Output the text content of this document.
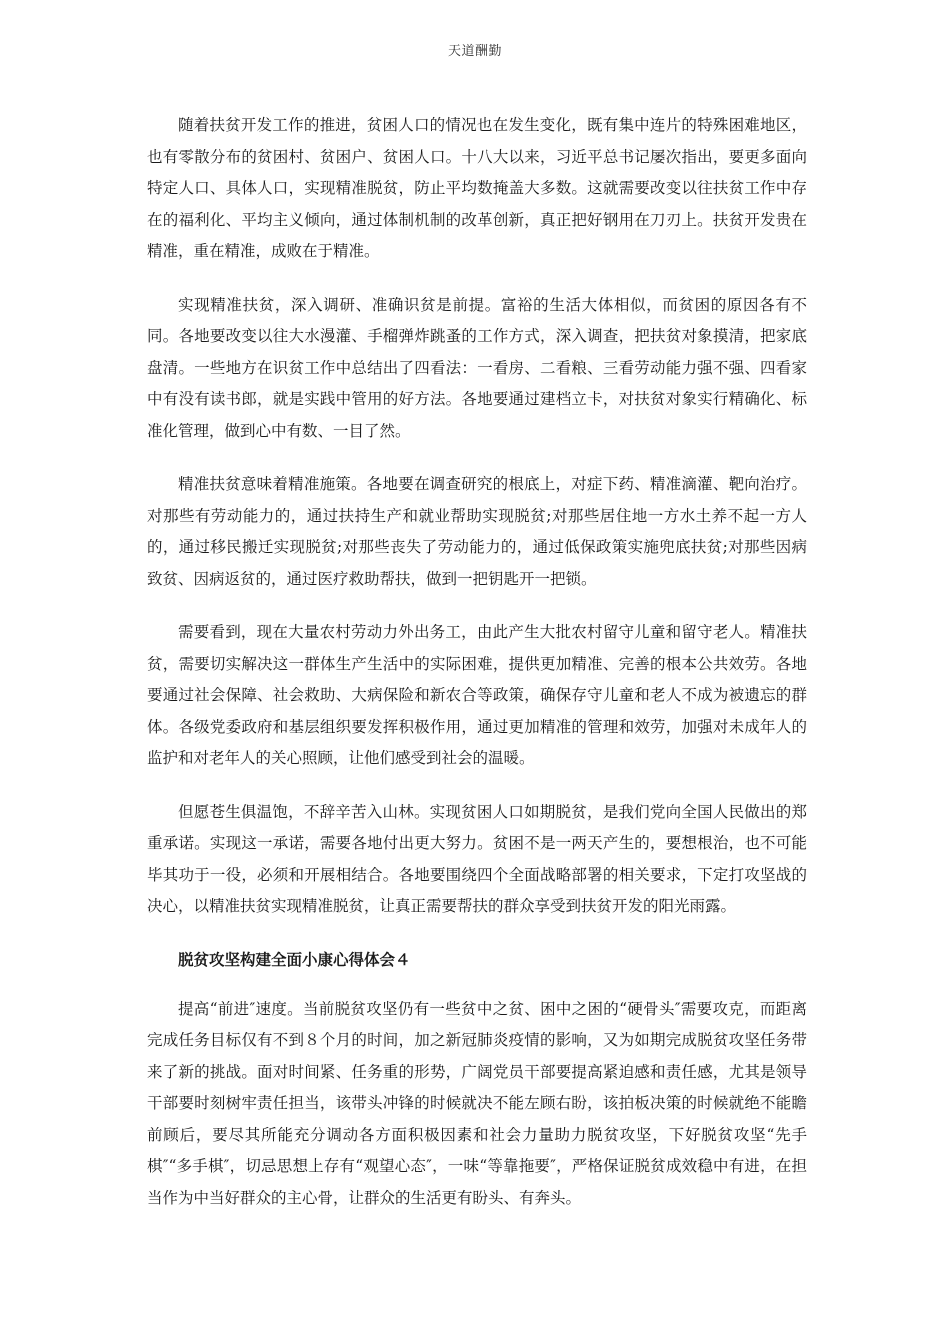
天道酬勤

随着扶贫开发工作的推进，贫困人口的情况也在发生变化，既有集中连片的特殊困难地区，也有零散分布的贫困村、贫困户、贫困人口。十八大以来，习近平总书记屡次指出，要更多面向特定人口、具体人口，实现精准脱贫，防止平均数掩盖大多数。这就需要改变以往扶贫工作中存在的福利化、平均主义倾向，通过体制机制的改革创新，真正把好钢用在刀刃上。扶贫开发贵在精准，重在精准，成败在于精准。

实现精准扶贫，深入调研、准确识贫是前提。富裕的生活大体相似，而贫困的原因各有不同。各地要改变以往大水漫灌、手榴弹炸跳蚤的工作方式，深入调查，把扶贫对象摸清，把家底盘清。一些地方在识贫工作中总结出了四看法：一看房、二看粮、三看劳动能力强不强、四看家中有没有读书郎，就是实践中管用的好方法。各地要通过建档立卡，对扶贫对象实行精确化、标准化管理，做到心中有数、一目了然。

精准扶贫意味着精准施策。各地要在调查研究的根底上，对症下药、精准滴灌、靶向治疗。对那些有劳动能力的，通过扶持生产和就业帮助实现脱贫;对那些居住地一方水土养不起一方人的，通过移民搬迁实现脱贫;对那些丧失了劳动能力的，通过低保政策实施兜底扶贫;对那些因病致贫、因病返贫的，通过医疗救助帮扶，做到一把钥匙开一把锁。

需要看到，现在大量农村劳动力外出务工，由此产生大批农村留守儿童和留守老人。精准扶贫，需要切实解决这一群体生产生活中的实际困难，提供更加精准、完善的根本公共效劳。各地要通过社会保障、社会救助、大病保险和新农合等政策，确保存守儿童和老人不成为被遗忘的群体。各级党委政府和基层组织要发挥积极作用，通过更加精准的管理和效劳，加强对未成年人的监护和对老年人的关心照顾，让他们感受到社会的温暖。

但愿苍生俱温饱，不辞辛苦入山林。实现贫困人口如期脱贫，是我们党向全国人民做出的郑重承诺。实现这一承诺，需要各地付出更大努力。贫困不是一两天产生的，要想根治，也不可能毕其功于一役，必须和开展相结合。各地要围绕四个全面战略部署的相关要求，下定打攻坚战的决心，以精准扶贫实现精准脱贫，让真正需要帮扶的群众享受到扶贫开发的阳光雨露。

脱贫攻坚构建全面小康心得体会４

提高“前进″速度。当前脱贫攻坚仍有一些贫中之贫、困中之困的“硬骨头″需要攻克，而距离完成任务目标仅有不到８个月的时间，加之新冠肺炎疫情的影响，又为如期完成脱贫攻坚任务带来了新的挑战。面对时间紧、任务重的形势，广阔党员干部要提高紧迫感和责任感，尤其是领导干部要时刻树牢责任担当，该带头冲锋的时候就决不能左顾右盼，该拍板决策的时候就绝不能瞻前顾后，要尽其所能充分调动各方面积极因素和社会力量助力脱贫攻坚，下好脱贫攻坚“先手棋″“多手棋″，切忌思想上存有“观望心态″，一味“等靠拖要″，严格保证脱贫成效稳中有进，在担当作为中当好群众的主心骨，让群众的生活更有盼头、有奔头。
